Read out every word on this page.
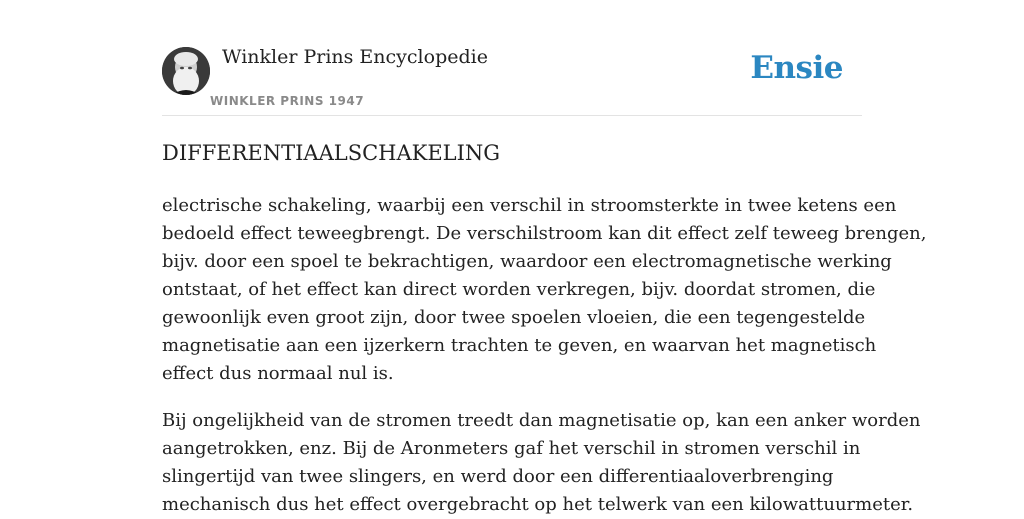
Winkler Prins Encyclopedie
WINKLER PRINS 1947
Ensie
DIFFERENTIAALSCHAKELING

electrische schakeling, waarbij een verschil in stroomsterkte in twee ketens een
bedoeld effect teweegbrengt. De verschilstroom kan dit effect zelf teweeg brengen,
bijv. door een spoel te bekrachtigen, waardoor een electromagnetische werking
ontstaat, of het effect kan direct worden verkregen, bijv. doordat stromen, die
gewoonlijk even groot zijn, door twee spoelen vloeien, die een tegengestelde
magnetisatie aan een ijzerkern trachten te geven, en waarvan het magnetisch
effect dus normaal nul is.

Bij ongelijkheid van de stromen treedt dan magnetisatie op, kan een anker worden
aangetrokken, enz. Bij de Aronmeters gaf het verschil in stromen verschil in
slingertijd van twee slingers, en werd door een differentiaaloverbrenging
mechanisch dus het effect overgebracht op het telwerk van een kilowattuurmeter.
